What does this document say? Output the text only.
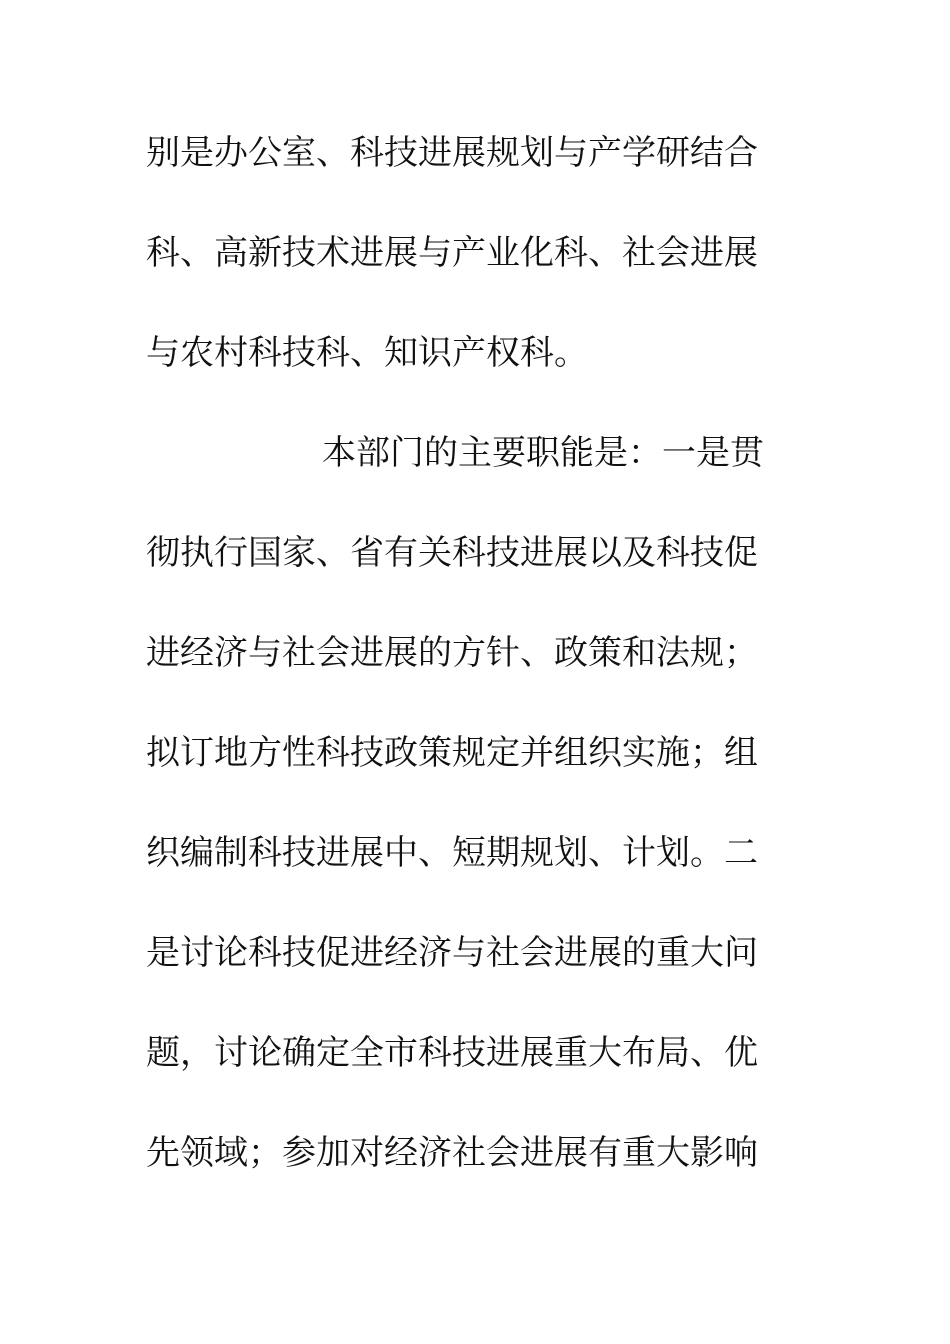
别是办公室、科技进展规划与产学研结合
科、高新技术进展与产业化科、社会进展
与农村科技科、知识产权科。
本部门的主要职能是：一是贯
彻执行国家、省有关科技进展以及科技促
进经济与社会进展的方针、政策和法规；
拟订地方性科技政策规定并组织实施；组
织编制科技进展中、短期规划、计划。二
是讨论科技促进经济与社会进展的重大问
题，讨论确定全市科技进展重大布局、优
先领域；参加对经济社会进展有重大影响
